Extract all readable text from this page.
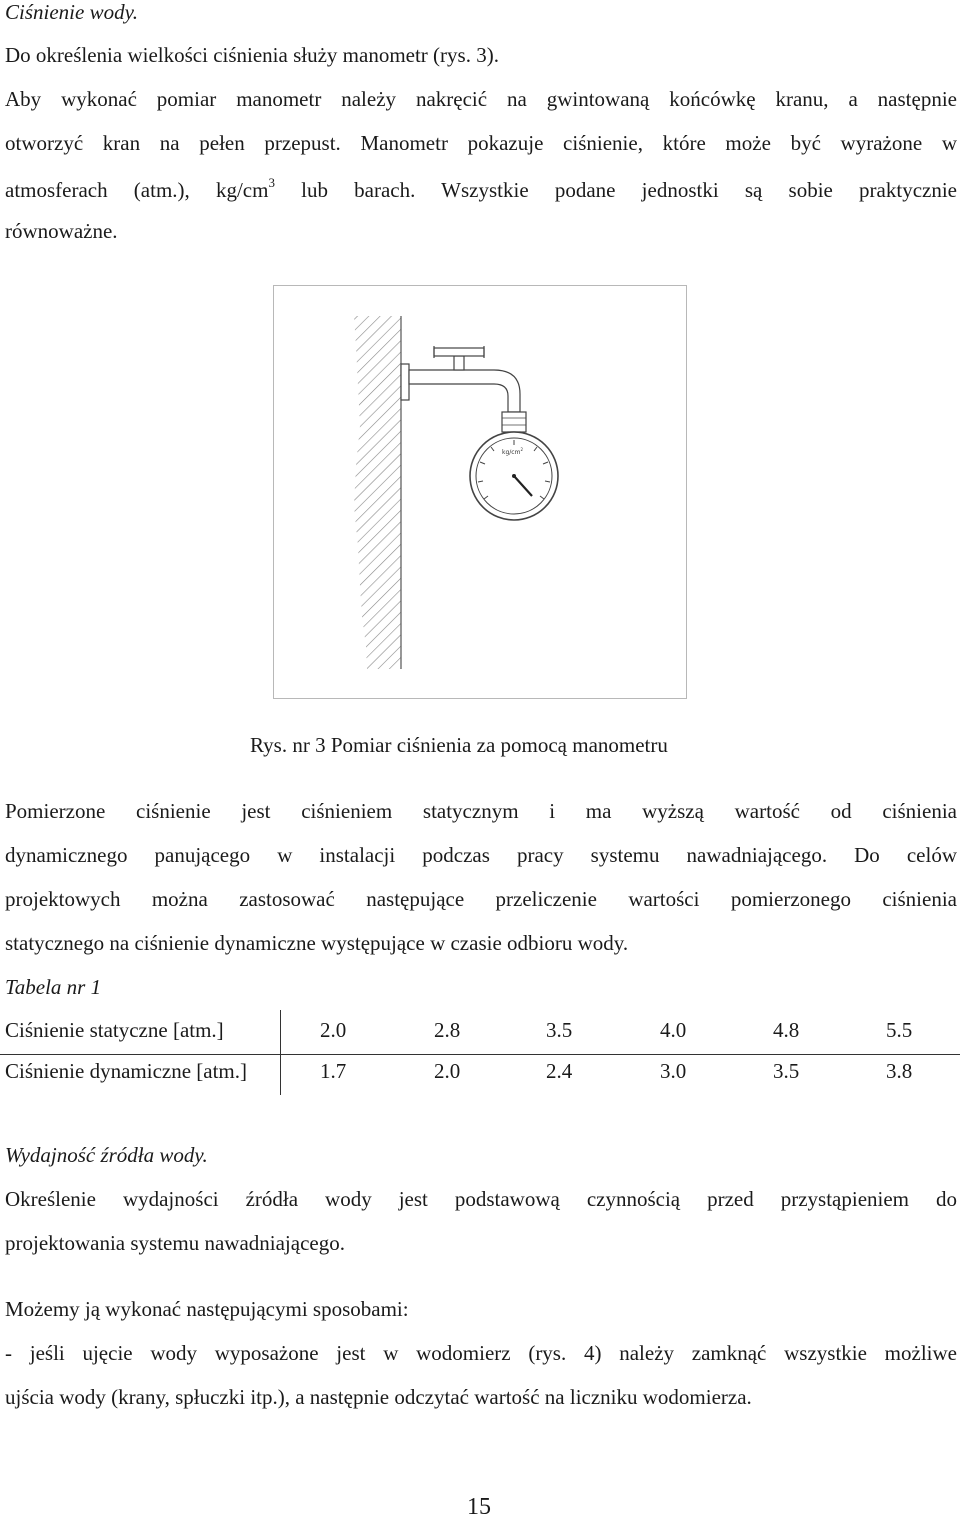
Ciśnienie wody.
Do określenia wielkości ciśnienia służy manometr (rys. 3).
Aby wykonać pomiar manometr należy nakręcić na gwintowaną końcówkę kranu, a następnie
otworzyć kran na pełen przepust. Manometr pokazuje ciśnienie, które może być wyrażone w
atmosferach (atm.), $kg/cm^3$ lub barach. Wszystkie podane jednostki są sobie praktycznie
równoważne.
$kg/cm^2$
Rys. nr 3 Pomiar ciśnienia za pomocą manometru
Pomierzone ciśnienie jest ciśnieniem statycznym i ma wyższą wartość od ciśnienia
dynamicznego panującego w instalacji podczas pracy systemu nawadniającego. Do celów
projektowych można zastosować następujące przeliczenie wartości pomierzonego ciśnienia
statycznego na ciśnienie dynamiczne występujące w czasie odbioru wody.
Tabela nr 1
Ciśnienie statyczne [atm.]	2.0	2.8	3.5	4.0	4.8	5.5
Ciśnienie dynamiczne [atm.]	1.7	2.0	2.4	3.0	3.5	3.8
Wydajność źródła wody.
Określenie wydajności źródła wody jest podstawową czynnością przed przystąpieniem do
projektowania systemu nawadniającego.
Możemy ją wykonać następującymi sposobami:
- jeśli ujęcie wody wyposażone jest w wodomierz (rys. 4) należy zamknąć wszystkie możliwe
ujścia wody (krany, spłuczki itp.), a następnie odczytać wartość na liczniku wodomierza.
15
